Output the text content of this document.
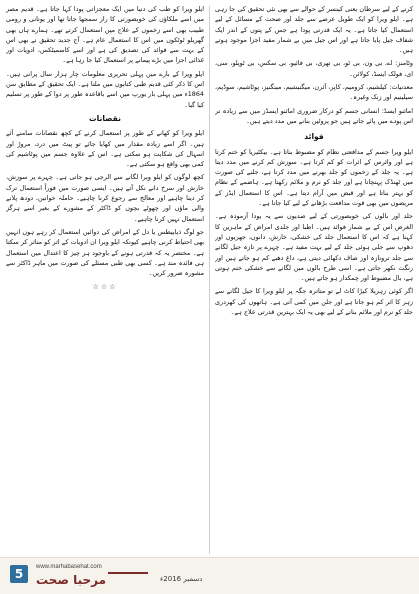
کرنے کے لیے سرطان یعنی کینسر کے حوالے سے بھی نئی تحقیق کی جا رہی ہے۔ ایلو ویرا کو ایک طویل عرصے سے جلد اور صحت کے مسائل کے لیے استعمال کیا جاتا ہے۔ یہ ایک قدرتی پودا ہے جس کے پتوں کے اندر ایک شفاف جیل پایا جاتا ہے اور اس جیل میں بے شمار مفید اجزا موجود ہوتے ہیں۔

وٹامنز: اے، بی ون، بی ٹو، بی تھری، بی فائیو، بی سکس، بی ٹویلو، سی، ای، فولک ایسڈ، کولائن۔

معدنیات: کیلشیم، کرومیم، کاپر، آئرن، میگنیشیم، مینگنیز، پوٹاشیم، سوڈیم، سیلینیم اور زنک وغیرہ۔

امائنو ایسڈ: انسانی جسم کو درکار ضروری امائنو ایسڈز میں سے زیادہ تر اس پودے میں پائے جاتے ہیں جو پروٹین بنانے میں مدد دیتے ہیں۔

فوائد

ایلو ویرا جسم کے مدافعتی نظام کو مضبوط بناتا ہے۔ بیکٹیریا کو ختم کرتا ہے اور وائرس کے اثرات کو کم کرتا ہے۔ سوزش کم کرنے میں مدد دیتا ہے۔ یہ جلد کے زخموں کو جلد بھرنے میں مدد کرتا ہے، جلنے کی صورت میں ٹھنڈک پہنچاتا ہے اور جلد کو نرم و ملائم رکھتا ہے۔ ہاضمے کے نظام کو بہتر بناتا ہے اور قبض میں آرام دیتا ہے۔ اس کا استعمال ایڈز کے مریضوں میں بھی قوت مدافعت بڑھانے کے لیے کیا جاتا ہے۔

جلد اور بالوں کی خوبصورتی کے لیے صدیوں سے یہ پودا آزمودہ ہے۔ الغرض اس کے بے شمار فوائد ہیں۔ اطبا اور جلدی امراض کے ماہرین کا کہنا ہے کہ اس کا استعمال جلد کی خشکی، خارش، دانوں، جھریوں اور دھوپ سے جلی ہوئی جلد کے لیے بہت مفید ہے۔ چہرے پر تازہ جیل لگانے سے جلد تروتازہ اور صاف دکھائی دیتی ہے، داغ دھبے کم ہو جاتے ہیں اور رنگت نکھر جاتی ہے۔ اسی طرح بالوں میں لگانے سے خشکی ختم ہوتی ہے، بال مضبوط اور چمکدار ہو جاتے ہیں۔

اگر کوئی زہریلا کیڑا کاٹ لے تو متاثرہ جگہ پر ایلو ویرا کا جیل لگانے سے زہر کا اثر کم ہو جاتا ہے اور جلن میں کمی آتی ہے۔ ہاتھوں کی کھردری جلد کو نرم اور ملائم بنانے کے لیے بھی یہ ایک بہترین قدرتی علاج ہے۔

ایلو ویرا کو طب کی دنیا میں ایک معجزاتی پودا کہا جاتا ہے۔ قدیم مصر میں اسے ملکاؤں کی خوبصورتی کا راز سمجھا جاتا تھا اور یونانی و رومی طبیب بھی اسے زخموں کے علاج میں استعمال کرتے تھے۔ ہمارے ہاں بھی گھریلو ٹوٹکوں میں اس کا استعمال عام ہے۔ آج جدید تحقیق نے بھی اس کے بہت سے فوائد کی تصدیق کی ہے اور اسے کاسمیٹکس، ادویات اور غذائی اجزا میں بڑے پیمانے پر استعمال کیا جا رہا ہے۔

ایلو ویرا کے بارے میں پہلی تحریری معلومات چار ہزار سال پرانی ہیں۔ اس کا ذکر کئی قدیم طبی کتابوں میں ملتا ہے۔ ایک تحقیق کے مطابق سن 1864ء میں پہلی بار یورپ میں اسے باقاعدہ طور پر دوا کے طور پر تسلیم کیا گیا۔

نقصانات

ایلو ویرا کو کھانے کے طور پر استعمال کرنے کے کچھ نقصانات سامنے آئے ہیں۔ اگر اسے زیادہ مقدار میں کھایا جائے تو پیٹ میں درد، مروڑ اور اسہال کی شکایت ہو سکتی ہے۔ اس کے علاوہ جسم میں پوٹاشیم کی کمی بھی واقع ہو سکتی ہے۔

کچھ لوگوں کو ایلو ویرا لگانے سے الرجی ہو جاتی ہے۔ چہرے پر سوزش، خارش اور سرخ دانے نکل آتے ہیں۔ ایسی صورت میں فوراً استعمال ترک کر دینا چاہیے اور معالج سے رجوع کرنا چاہیے۔ حاملہ خواتین، دودھ پلانے والی ماؤں اور چھوٹے بچوں کو ڈاکٹر کے مشورے کے بغیر اسے ہرگز استعمال نہیں کرنا چاہیے۔

جو لوگ ذیابیطس یا دل کے امراض کی دوائیں استعمال کر رہے ہوں انہیں بھی احتیاط کرنی چاہیے کیونکہ ایلو ویرا ان ادویات کے اثر کو متاثر کر سکتا ہے۔ مختصر یہ کہ قدرتی ہونے کے باوجود ہر چیز کا اعتدال میں استعمال ہی فائدہ مند ہے۔ کسی بھی طبی مسئلے کی صورت میں ماہر ڈاکٹر سے مشورہ ضرور کریں۔

☆☆☆
5	www.marhabasehat.com
مرحبا صحت	دسمبر 2016ء
